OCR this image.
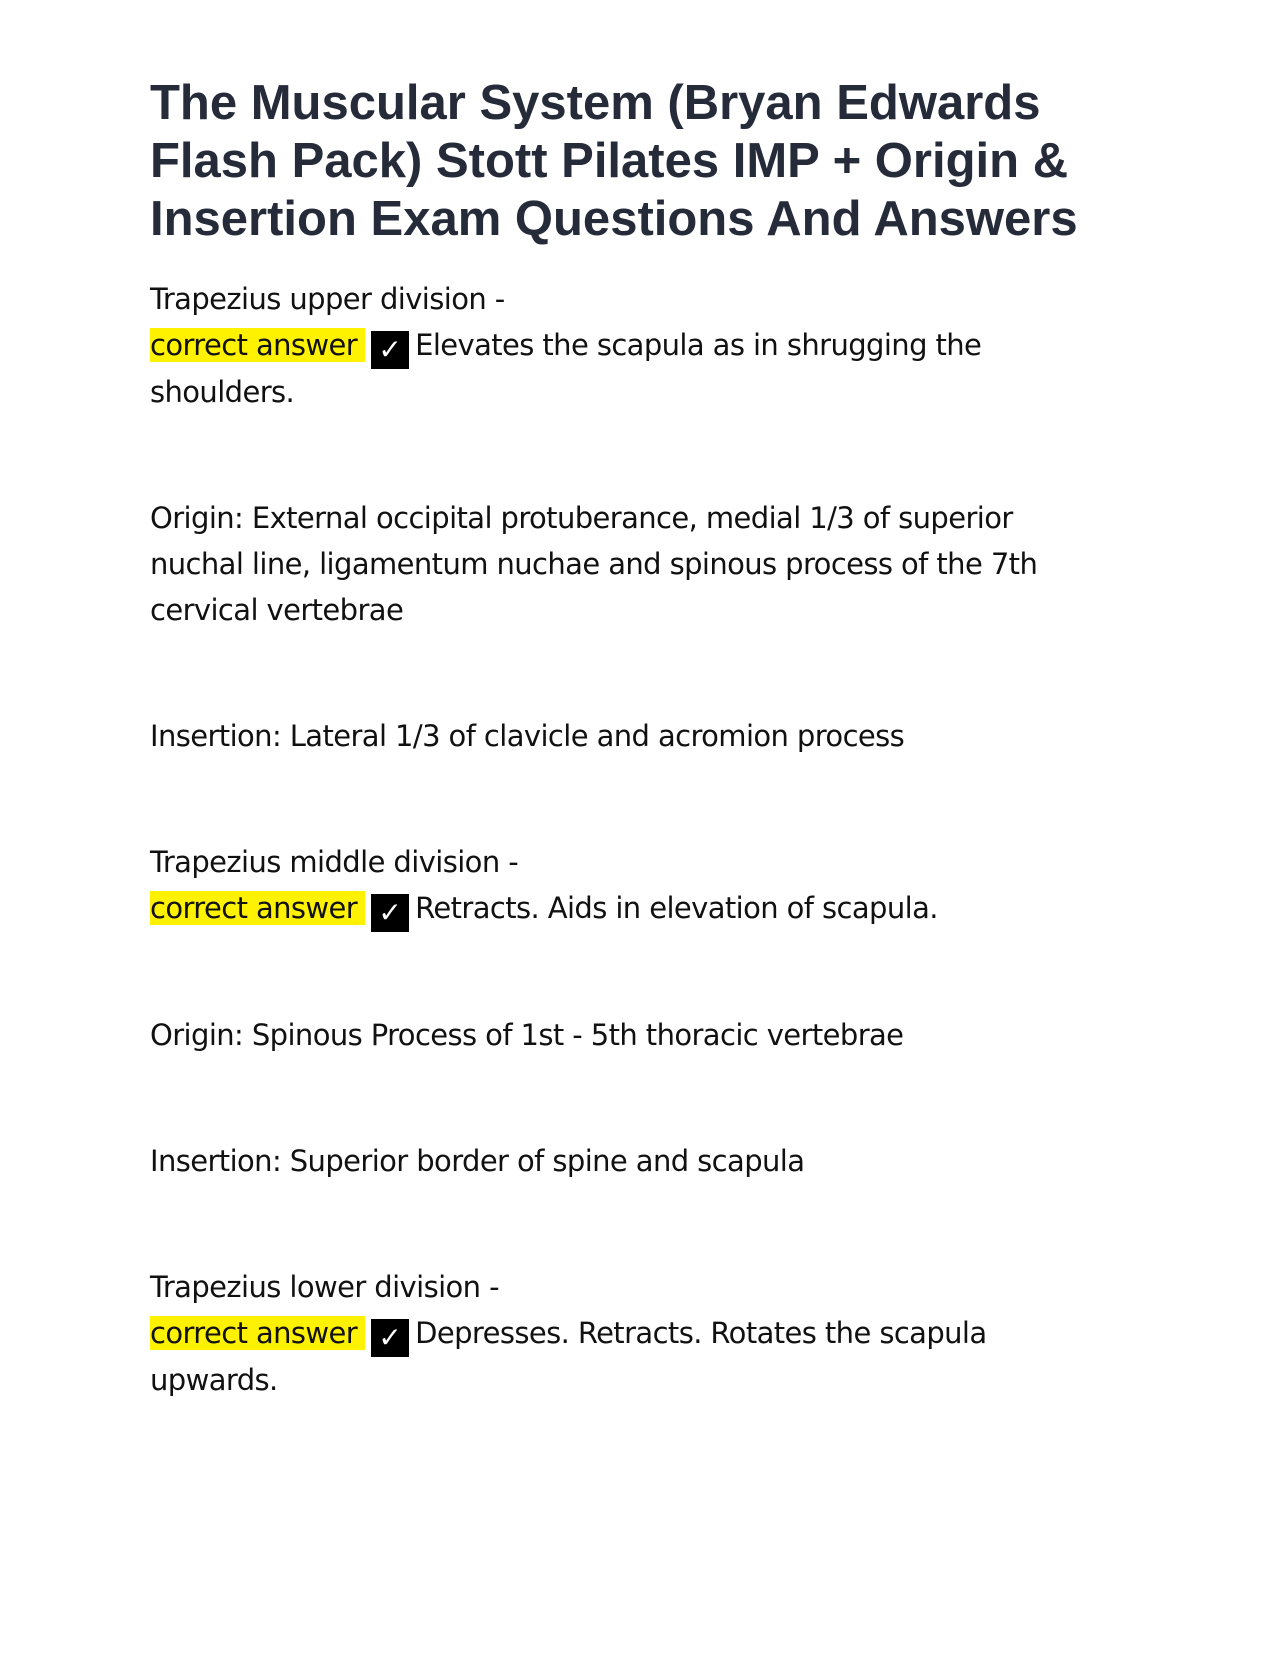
The Muscular System (Bryan Edwards Flash Pack) Stott Pilates IMP + Origin & Insertion Exam Questions And Answers

Trapezius upper division -

correct answer ✓ Elevates the scapula as in shrugging the shoulders.

Origin: External occipital protuberance, medial 1/3 of superior nuchal line, ligamentum nuchae and spinous process of the 7th cervical vertebrae

Insertion: Lateral 1/3 of clavicle and acromion process

Trapezius middle division -

correct answer ✓ Retracts. Aids in elevation of scapula.

Origin: Spinous Process of 1st - 5th thoracic vertebrae

Insertion: Superior border of spine and scapula

Trapezius lower division -

correct answer ✓ Depresses. Retracts. Rotates the scapula upwards.
